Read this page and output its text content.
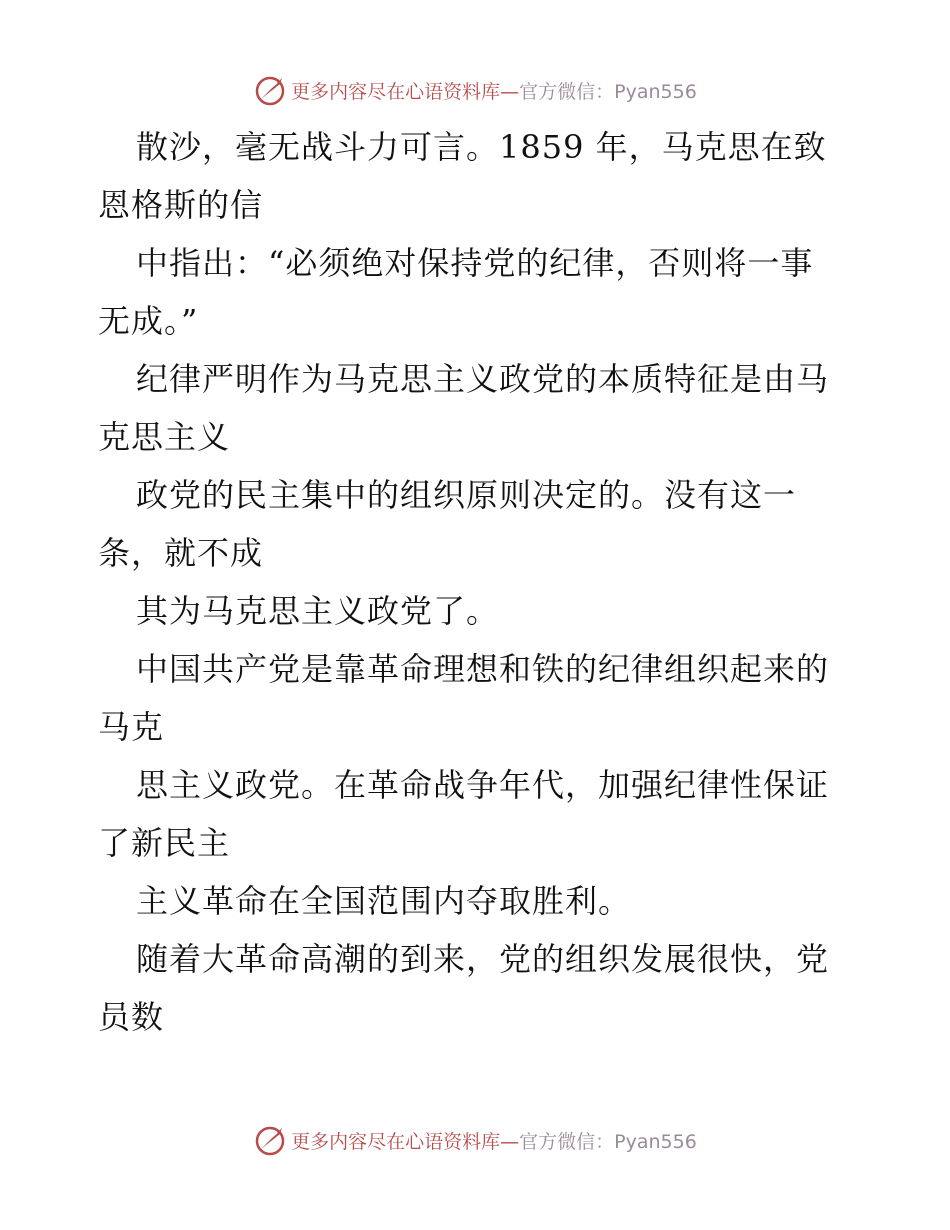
更多内容尽在心语资料库— 官方微信：Pyan556
散沙，毫无战斗力可言。1859 年，马克思在致
恩格斯的信
中指出：“必须绝对保持党的纪律，否则将一事
无成。”
纪律严明作为马克思主义政党的本质特征是由马
克思主义
政党的民主集中的组织原则决定的。没有这一
条，就不成
其为马克思主义政党了。
中国共产党是靠革命理想和铁的纪律组织起来的
马克
思主义政党。在革命战争年代，加强纪律性保证
了新民主
主义革命在全国范围内夺取胜利。
随着大革命高潮的到来，党的组织发展很快，党
员数
更多内容尽在心语资料库— 官方微信：Pyan556
